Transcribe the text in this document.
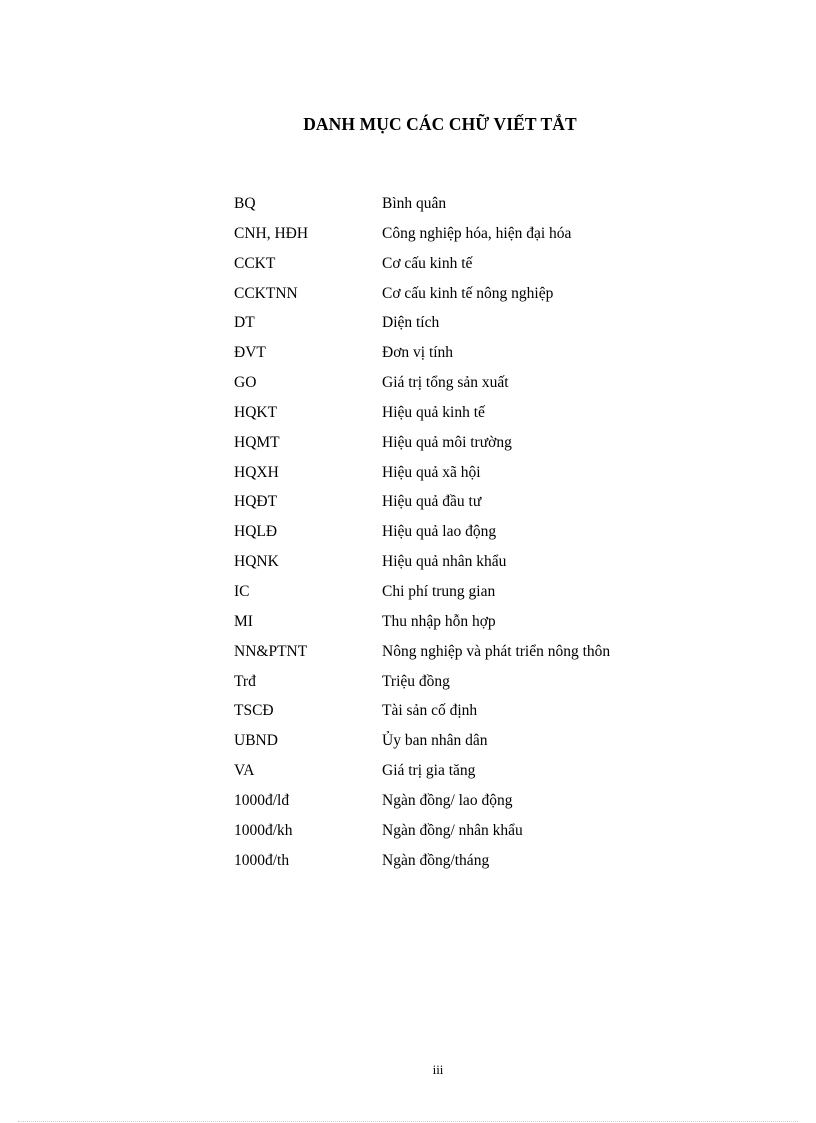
DANH MỤC CÁC CHỮ VIẾT TẮT
BQ	Bình quân
CNH, HĐH	Công nghiệp hóa, hiện đại hóa
CCKT	Cơ cấu kinh tế
CCKTNN	Cơ cấu kinh tế nông nghiệp
DT	Diện tích
ĐVT	Đơn vị tính
GO	Giá trị tổng sản xuất
HQKT	Hiệu quả kinh tế
HQMT	Hiệu quả môi trường
HQXH	Hiệu quả xã hội
HQĐT	Hiệu quả đầu tư
HQLĐ	Hiệu quả lao động
HQNK	Hiệu quả nhân khẩu
IC	Chi phí trung gian
MI	Thu nhập hỗn hợp
NN&PTNT	Nông nghiệp và phát triển nông thôn
Trđ	Triệu đồng
TSCĐ	Tài sản cố định
UBND	Ủy ban nhân dân
VA	Giá trị gia tăng
1000đ/lđ	Ngàn đồng/ lao động
1000đ/kh	Ngàn đồng/ nhân khẩu
1000đ/th	Ngàn đồng/tháng
iii
